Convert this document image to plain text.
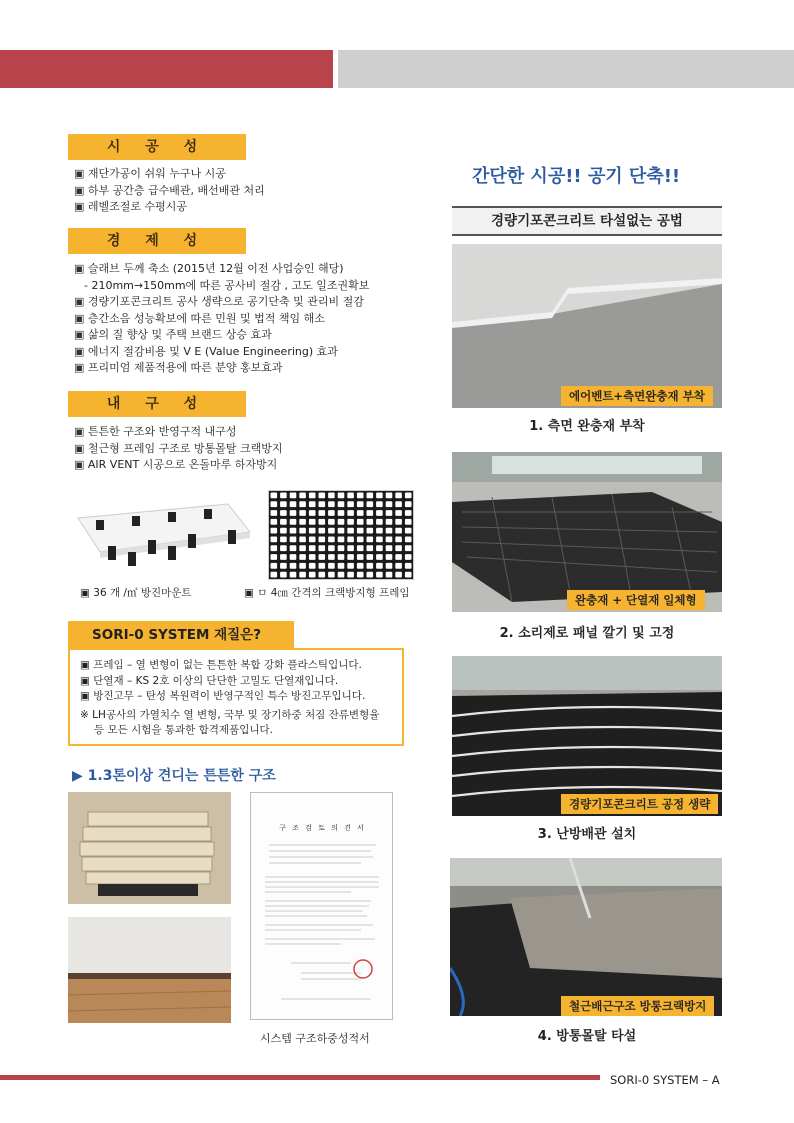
시 공 성
▣ 재단가공이 쉬워 누구나 시공
▣ 하부 공간층 급수배관, 배선배관 처리
▣ 레벨조절로 수평시공
경 제 성
▣ 슬래브 두께 축소 (2015년 12월 이전 사업승인 해당)
- 210mm→150mm에 따른 공사비 절감 , 고도 일조권확보
▣ 경량기포콘크리트 공사 생략으로 공기단축 및 관리비 절감
▣ 층간소음 성능확보에 따른 민원 및 법적 책임 해소
▣ 삶의 질 향상 및 주택 브랜드 상승 효과
▣ 에너지 절감비용 및 V E (Value Engineering) 효과
▣ 프리미엄 제품적용에 따른 분양 홍보효과
내 구 성
▣ 튼튼한 구조와 반영구적 내구성
▣ 철근형 프레임 구조로 방통몰탈 크랙방지
▣ AIR VENT 시공으로 온돌마루 하자방지
▣ 36 개 /㎡ 방진마운트	▣ ㅁ 4㎝ 간격의 크랙방지형 프레임
SORI-0 SYSTEM 재질은?
▣ 프레임 – 열 변형이 없는 튼튼한 복합 강화 플라스틱입니다.
▣ 단열재 – KS 2호 이상의 단단한 고밀도 단열재입니다.
▣ 방진고무 – 탄성 복원력이 반영구적인 특수 방진고무입니다.
※ LH공사의 가열치수 열 변형, 국부 및 장기하중 처짐 잔류변형율
등 모든 시험을 통과한 합격제품입니다.
▶ 1.3톤이상 견디는 튼튼한 구조
구 조 검 토 의 견 서
시스템 구조하중성적서
간단한 시공!! 공기 단축!!
경량기포콘크리트 타설없는 공법
에어벤트+측면완충재 부착
1. 측면 완충재 부착
완충재 + 단열재 일체형
2. 소리제로 패널 깔기 및 고정
경량기포콘크리트 공정 생략
3. 난방배관 설치
철근배근구조 방통크랙방지
4. 방통몰탈 타설
SORI-0 SYSTEM – A
